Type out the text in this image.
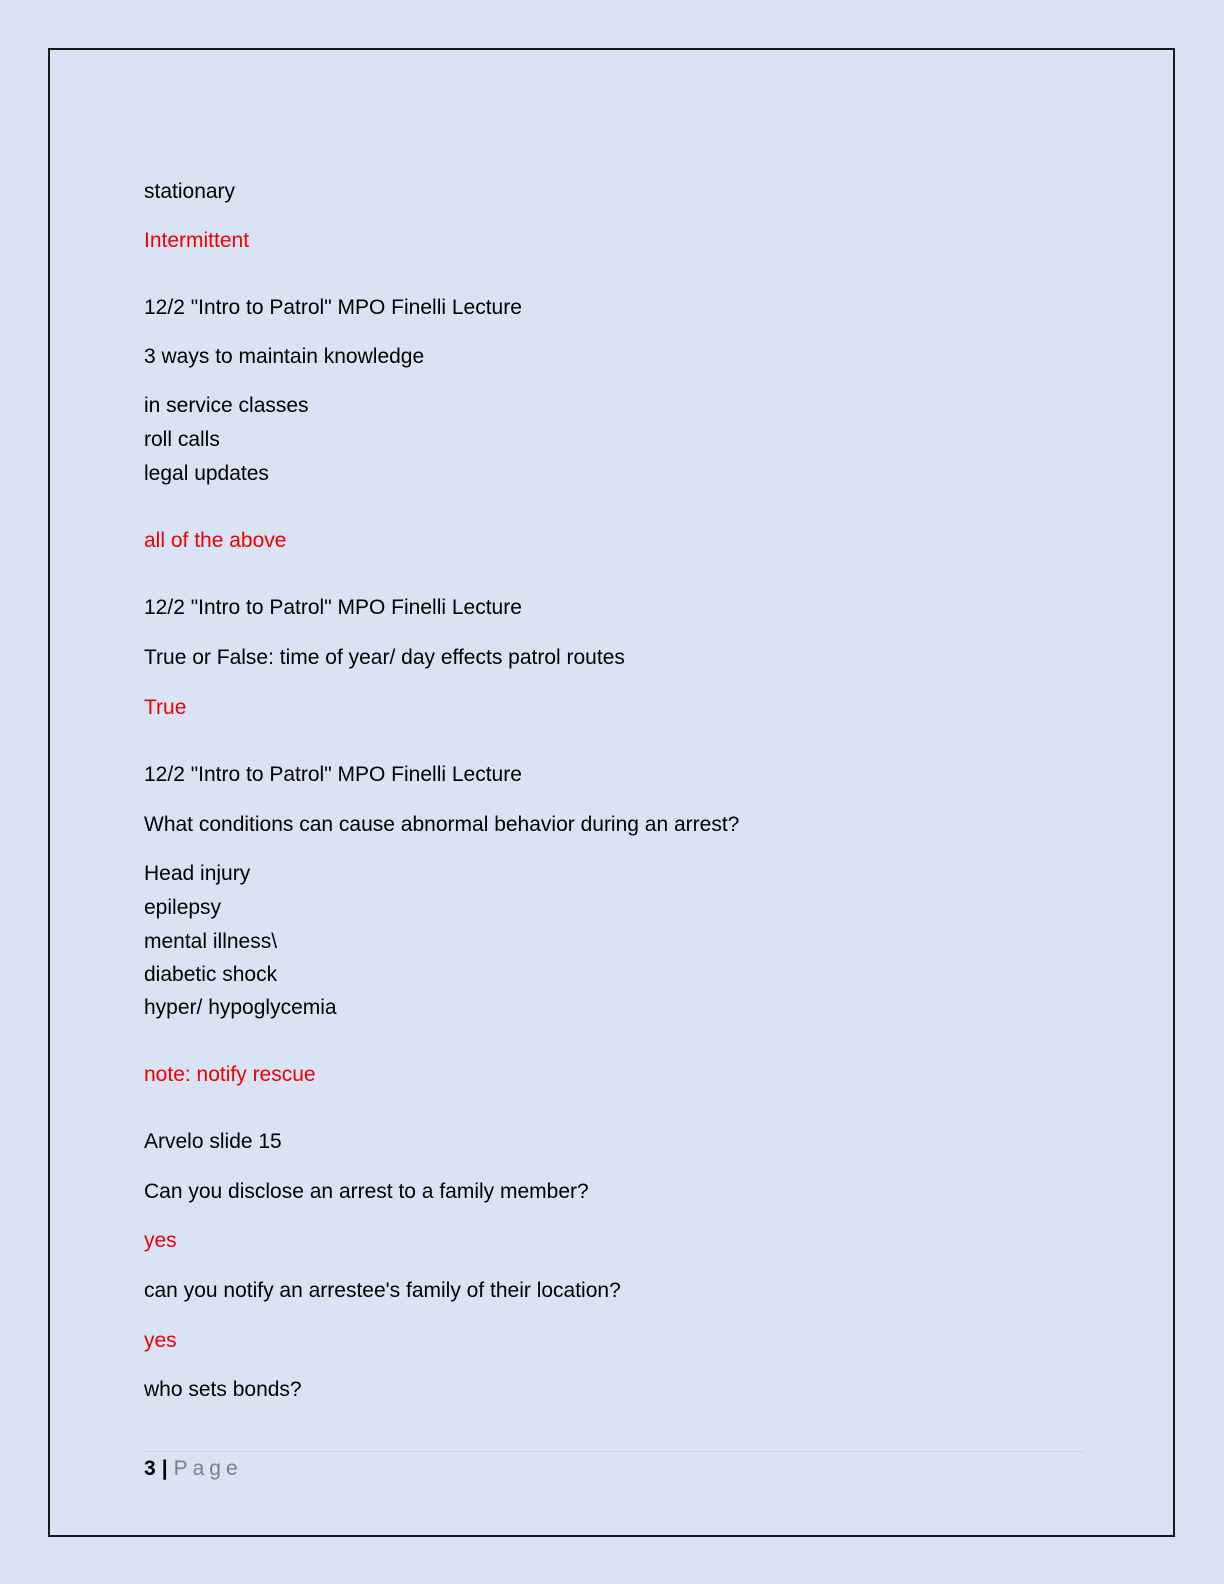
stationary
Intermittent
12/2 "Intro to Patrol" MPO Finelli Lecture
3 ways to maintain knowledge
in service classes
roll calls
legal updates
all of the above
12/2 "Intro to Patrol" MPO Finelli Lecture
True or False: time of year/ day effects patrol routes
True
12/2 "Intro to Patrol" MPO Finelli Lecture
What conditions can cause abnormal behavior during an arrest?
Head injury
epilepsy
mental illness\
diabetic shock
hyper/ hypoglycemia
note: notify rescue
Arvelo slide 15
Can you disclose an arrest to a family member?
yes
can you notify an arrestee's family of their location?
yes
who sets bonds?
3 | Page
